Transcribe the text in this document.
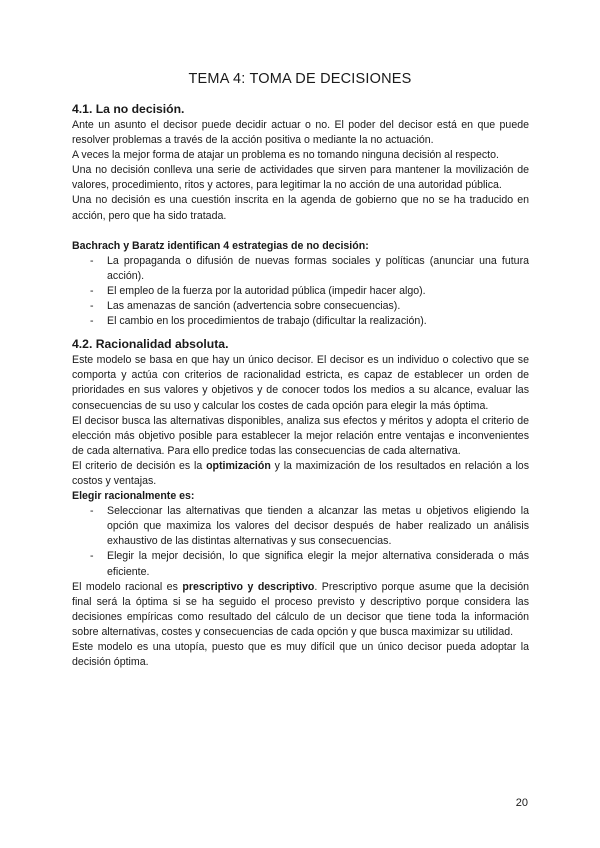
TEMA 4: TOMA DE DECISIONES
4.1. La no decisión.

Ante un asunto el decisor puede decidir actuar o no. El poder del decisor está en que puede resolver problemas a través de la acción positiva o mediante la no actuación.

A veces la mejor forma de atajar un problema es no tomando ninguna decisión al respecto.

Una no decisión conlleva una serie de actividades que sirven para mantener la movilización de valores, procedimiento, ritos y actores, para legitimar la no acción de una autoridad pública.

Una no decisión es una cuestión inscrita en la agenda de gobierno que no se ha traducido en acción, pero que ha sido tratada.

Bachrach y Baratz identifican 4 estrategias de no decisión:

- La propaganda o difusión de nuevas formas sociales y políticas (anunciar una futura acción).
- El empleo de la fuerza por la autoridad pública (impedir hacer algo).
- Las amenazas de sanción (advertencia sobre consecuencias).
- El cambio en los procedimientos de trabajo (dificultar la realización).
4.2. Racionalidad absoluta.

Este modelo se basa en que hay un único decisor. El decisor es un individuo o colectivo que se comporta y actúa con criterios de racionalidad estricta, es capaz de establecer un orden de prioridades en sus valores y objetivos y de conocer todos los medios a su alcance, evaluar las consecuencias de su uso y calcular los costes de cada opción para elegir la más óptima.

El decisor busca las alternativas disponibles, analiza sus efectos y méritos y adopta el criterio de elección más objetivo posible para establecer la mejor relación entre ventajas e inconvenientes de cada alternativa. Para ello predice todas las consecuencias de cada alternativa.

El criterio de decisión es la optimización y la maximización de los resultados en relación a los costos y ventajas.

Elegir racionalmente es:

- Seleccionar las alternativas que tienden a alcanzar las metas u objetivos eligiendo la opción que maximiza los valores del decisor después de haber realizado un análisis exhaustivo de las distintas alternativas y sus consecuencias.
- Elegir la mejor decisión, lo que significa elegir la mejor alternativa considerada o más eficiente.

El modelo racional es prescriptivo y descriptivo. Prescriptivo porque asume que la decisión final será la óptima si se ha seguido el proceso previsto y descriptivo porque considera las decisiones empíricas como resultado del cálculo de un decisor que tiene toda la información sobre alternativas, costes y consecuencias de cada opción y que busca maximizar su utilidad.

Este modelo es una utopía, puesto que es muy difícil que un único decisor pueda adoptar la decisión óptima.

20
